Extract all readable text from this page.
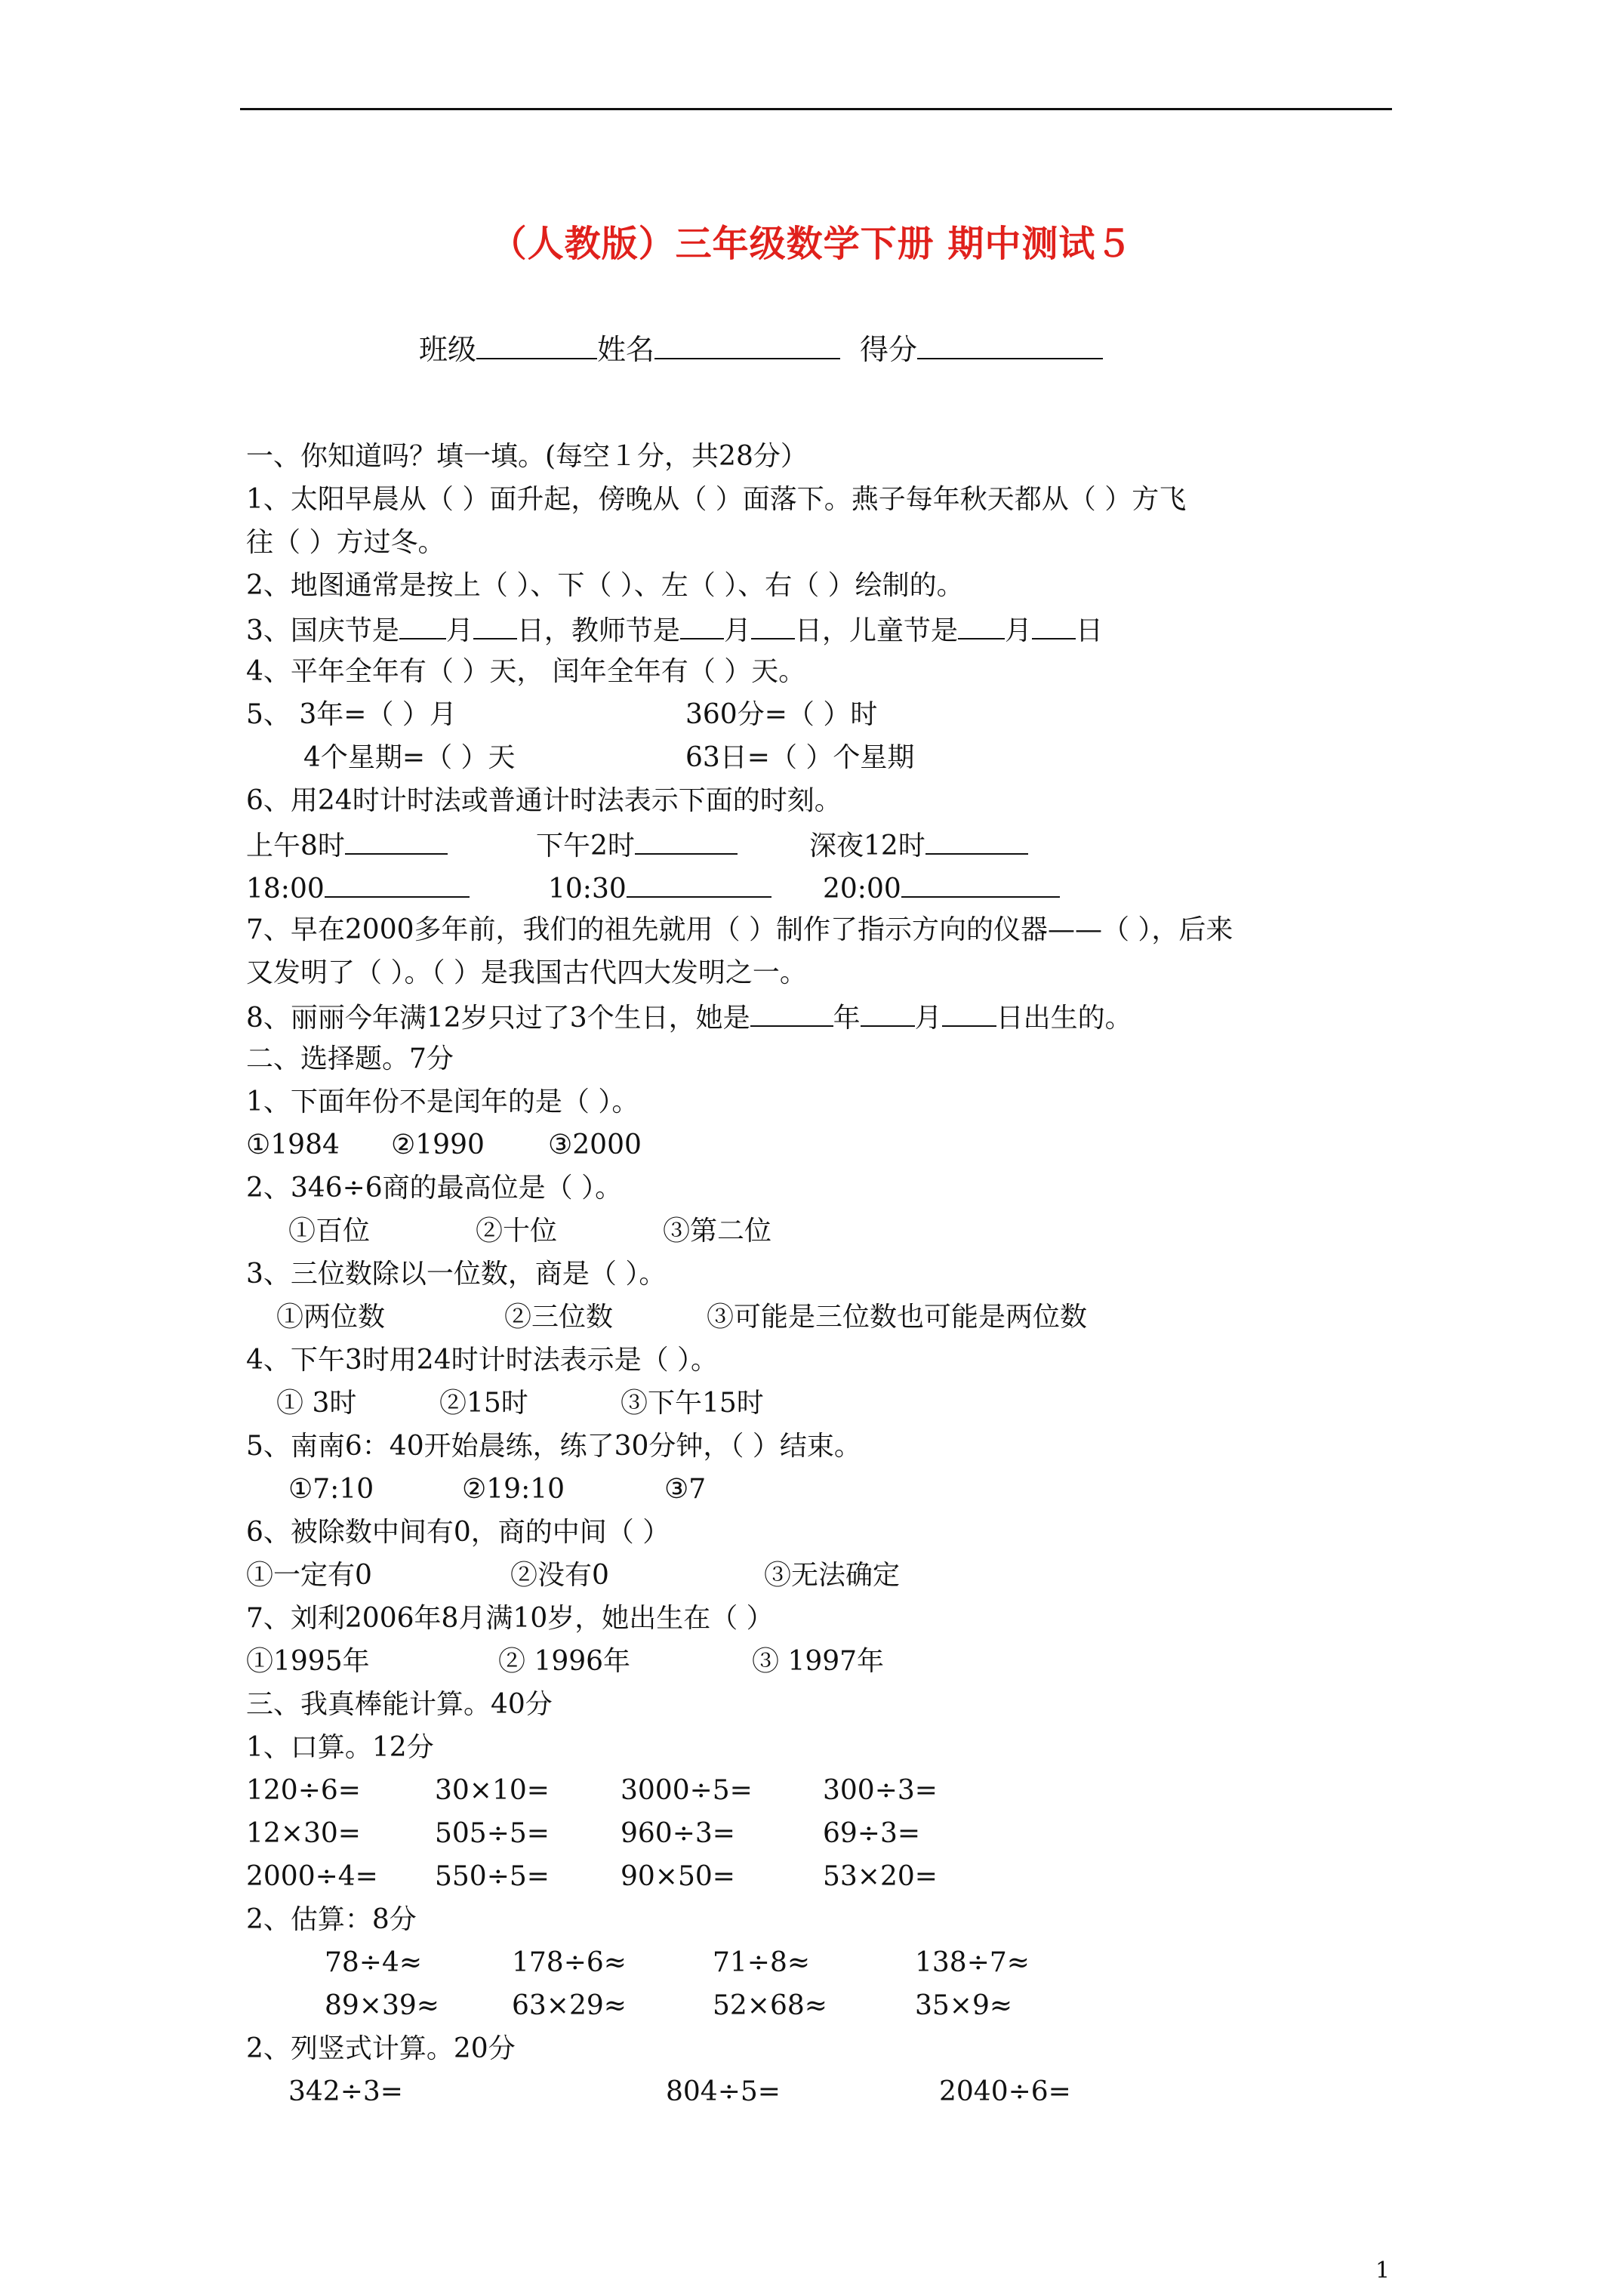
（人教版）三年级数学下册 期中测试５
班级	姓名	得分
一、你知道吗？填一填。(每空１分，共28分）
1、太阳早晨从（ ）面升起，傍晚从（ ）面落下。燕子每年秋天都从（ ）方飞
往（ ）方过冬。
2、地图通常是按上（ ）、下（ ）、左（ ）、右（ ）绘制的。
3、国庆节是 月 日，教师节是 月 日，儿童节是 月 日
4、平年全年有（ ）天， 闰年全年有（ ）天。
5、 3年=（ ）月	360分=（ ）时
4个星期=（ ）天	63日=（ ）个星期
6、用24时计时法或普通计时法表示下面的时刻。
上午8时	下午2时	深夜12时
18:00	10:30	20:00
7、早在2000多年前，我们的祖先就用（ ）制作了指示方向的仪器——（ ），后来
又发明了（ ）。（ ）是我国古代四大发明之一。
8、丽丽今年满12岁只过了3个生日，她是	年 月 日出生的。
二、选择题。7分
1、下面年份不是闰年的是（ ）。
①1984 ②1990 ③2000
2、346÷6商的最高位是（ ）。
①百位	②十位	③第二位
3、三位数除以一位数，商是（ ）。
①两位数	②三位数	③可能是三位数也可能是两位数
4、下午3时用24时计时法表示是（ ）。
① 3时	②15时	③下午15时
5、南南6：40开始晨练，练了30分钟，（ ）结束。
①7:10	②19:10	③7
6、被除数中间有0，商的中间（ ）
①一定有0	②没有0	③无法确定
7、刘利2006年8月满10岁，她出生在（ ）
①1995年	② 1996年	③ 1997年
三、我真棒能计算。40分
1、口算。12分
120÷6=	30×10=	3000÷5=	300÷3=
12×30=	505÷5=	960÷3=	69÷3=
2000÷4= 550÷5=	90×50=	53×20=
2、估算：8分
78÷4≈	178÷6≈	71÷8≈	138÷7≈
89×39≈	63×29≈	52×68≈	35×9≈
2、列竖式计算。20分
342÷3=	804÷5=	2040÷6=
1
